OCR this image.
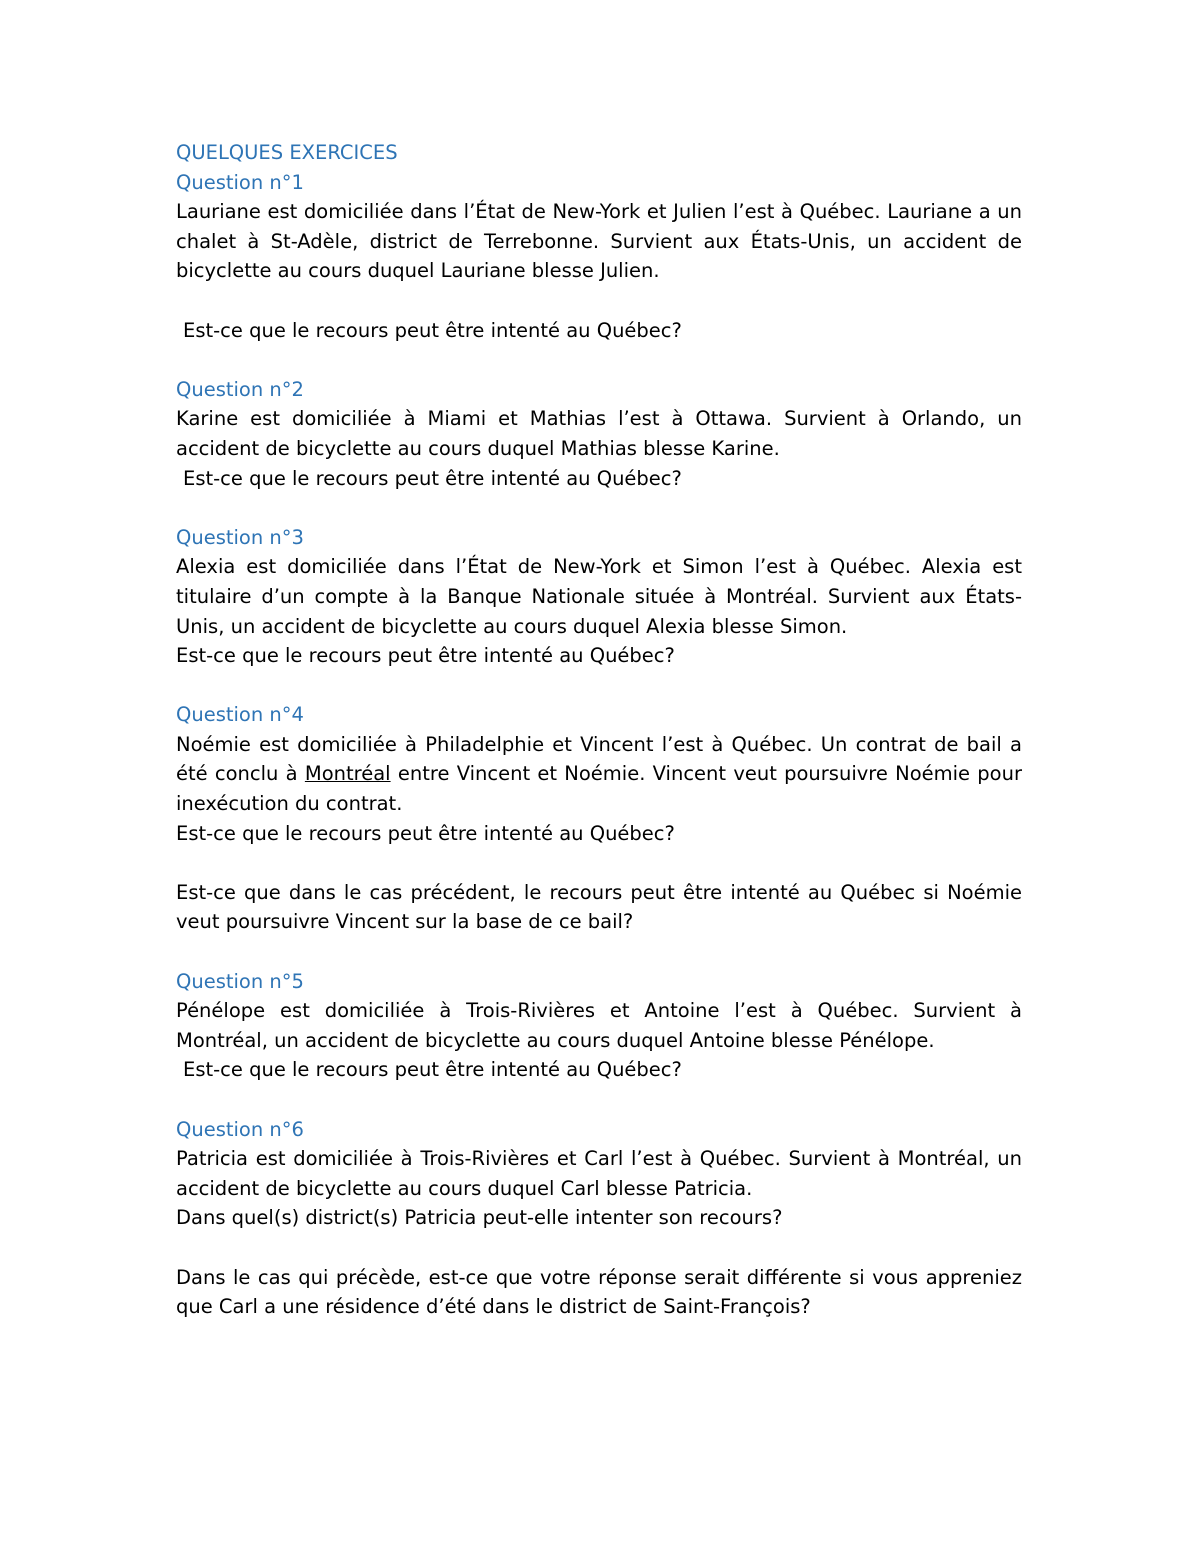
QUELQUES EXERCICES

Question n°1

Lauriane est domiciliée dans l’État de New-York et Julien l’est à Québec. Lauriane a un chalet à St-Adèle, district de Terrebonne. Survient aux États-Unis, un accident de bicyclette au cours duquel Lauriane blesse Julien.

Est-ce que le recours peut être intenté au Québec?

Question n°2

Karine est domiciliée à Miami et Mathias l’est à Ottawa. Survient à Orlando, un accident de bicyclette au cours duquel Mathias blesse Karine.

Est-ce que le recours peut être intenté au Québec?

Question n°3

Alexia est domiciliée dans l’État de New-York et Simon l’est à Québec. Alexia est titulaire d’un compte à la Banque Nationale située à Montréal. Survient aux États-Unis, un accident de bicyclette au cours duquel Alexia blesse Simon.

Est-ce que le recours peut être intenté au Québec?

Question n°4

Noémie est domiciliée à Philadelphie et Vincent l’est à Québec. Un contrat de bail a été conclu à Montréal entre Vincent et Noémie. Vincent veut poursuivre Noémie pour inexécution du contrat.

Est-ce que le recours peut être intenté au Québec?

Est-ce que dans le cas précédent, le recours peut être intenté au Québec si Noémie veut poursuivre Vincent sur la base de ce bail?

Question n°5

Pénélope est domiciliée à Trois-Rivières et Antoine l’est à Québec. Survient à Montréal, un accident de bicyclette au cours duquel Antoine blesse Pénélope.

Est-ce que le recours peut être intenté au Québec?

Question n°6

Patricia est domiciliée à Trois-Rivières et Carl l’est à Québec. Survient à Montréal, un accident de bicyclette au cours duquel Carl blesse Patricia.

Dans quel(s) district(s) Patricia peut-elle intenter son recours?

Dans le cas qui précède, est-ce que votre réponse serait différente si vous appreniez que Carl a une résidence d’été dans le district de Saint-François?
